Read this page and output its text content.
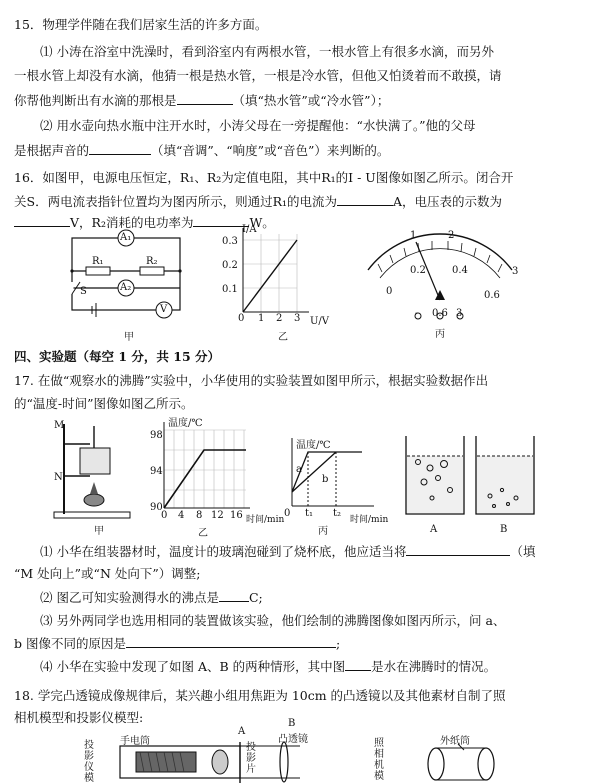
15．物理学伴随在我们居家生活的许多方面。
⑴ 小涛在浴室中洗澡时，看到浴室内有两根水管，一根水管上有很多水滴，而另外
一根水管上却没有水滴，他猜一根是热水管，一根是冷水管，但他又怕烫着而不敢摸，请
你帮他判断出有水滴的那根是	（填“热水管”或“冷水管”）；
⑵ 用水壶向热水瓶中注开水时，小涛父母在一旁提醒他：“水快满了。”他的父母
是根据声音的	（填“音调”、“响度”或“音色”）来判断的。
16．如图甲，电源电压恒定，R₁、R₂为定值电阻，其中R₁的I - U图像如图乙所示。闭合开
关S．两电流表指针位置均为图丙所示，则通过R₁的电流为	A，电压表的示数为
V，R₂消耗的电功率为	W。
A₁
A₂
V
R₁	R₂
S
甲
I/A
0.3
0.2
0.1
0 1 2 3 U/V
乙
1	2
3
0
0.2	0.4
0.6
- 0.6 3
丙
四、实验题（每空 1 分，共 15 分）
17. 在做“观察水的沸腾”实验中，小华使用的实验装置如图甲所示，根据实验数据作出
的“温度-时间”图像如图乙所示。
M
N
甲
温度/℃
98
94
90
0 4 8 12 16 时间/min
乙
温度/℃
0 t₁ t₂
时间/min
a
b
丙	A	B
⑴ 小华在组装器材时，温度计的玻璃泡碰到了烧杯底，他应适当将	（填
“M 处向上”或“N 处向下”）调整;
⑵ 图乙可知实验测得水的沸点是 C;
⑶ 另外两同学也选用相同的装置做该实验，他们绘制的沸腾图像如图丙所示，问 a、
b 图像不同的原因是	;
⑷ 小华在实验中发现了如图 A、B 的两种情形，其中图 是水在沸腾时的情况。
18. 学完凸透镜成像规律后，某兴趣小组用焦距为 10cm 的凸透镜以及其他素材自制了照
相机模型和投影仪模型:
投影仪模
手电筒
A
B
凸透镜
投影片
照相机模
外纸筒
